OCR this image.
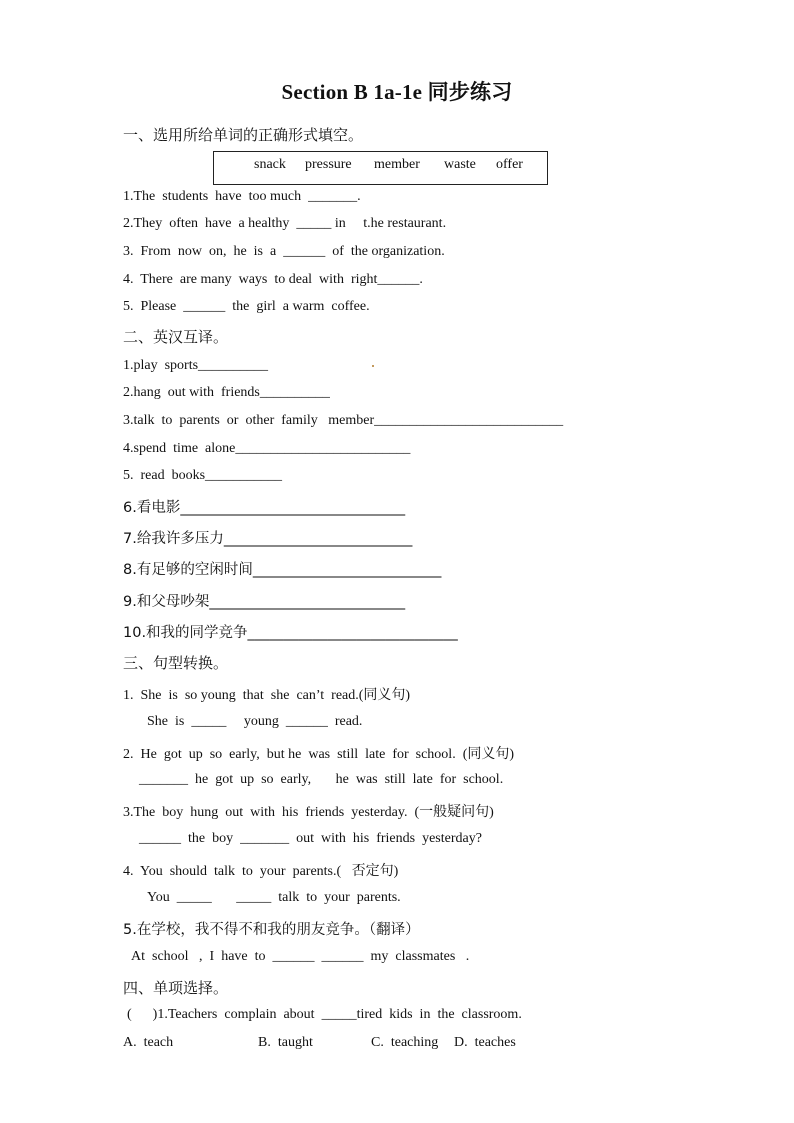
Section B 1a-1e 同步练习
一、选用所给单词的正确形式填空。

snack

pressure

member

waste

offer

1.The  students  have  too much  _______.
2.They  often  have  a healthy  _____ in     t.he restaurant.
3.  From  now  on,  he  is  a  ______  of  the organization.
4.  There  are many  ways  to deal  with  right______.
5.  Please  ______  the  girl  a warm  coffee.
二、英汉互译。
1.play  sports__________
2.hang  out with  friends__________
3.talk  to  parents  or  other  family   member___________________________
4.spend  time  alone_________________________
5.  read  books___________
6.看电影_______________________________
7.给我许多压力__________________________
8.有足够的空闲时间__________________________
9.和父母吵架___________________________
10.和我的同学竞争_____________________________
三、句型转换。
1.  She  is  so young  that  she  can’t  read.(同义句)
She  is  _____     young  ______  read.
2.  He  got  up  so  early,  but he  was  still  late  for  school.  (同义句)
_______  he  got  up  so  early,       he  was  still  late  for  school.
3.The  boy  hung  out  with  his  friends  yesterday.  (一般疑问句)
______  the  boy  _______  out  with  his  friends  yesterday?
4.  You  should  talk  to  your  parents.(   否定句)
You  _____       _____  talk  to  your  parents.
5.在学校，我不得不和我的朋友竞争。（翻译）
At  school   ,  I  have  to  ______  ______  my  classmates   .
四、单项选择。
(      )1.Teachers  complain  about  _____tired  kids  in  the  classroom.
A.  teach	B.  taught	C.  teaching D.  teaches
